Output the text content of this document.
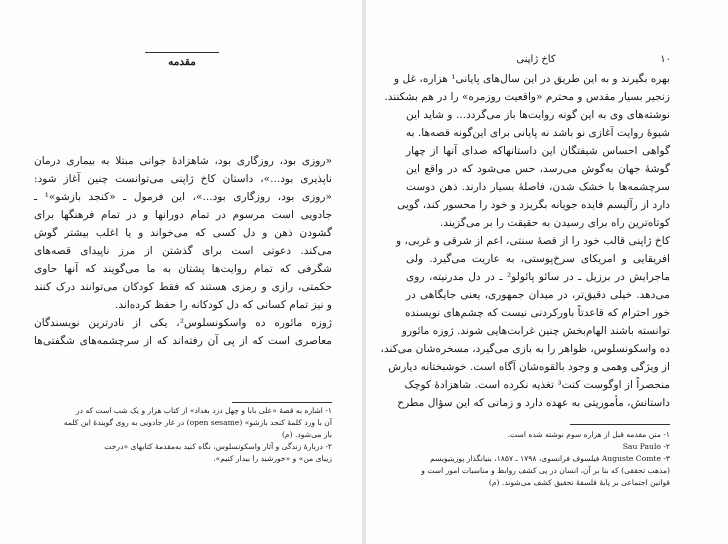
مقدمه
«روزی بود، روزگاری بود، شاهزادهٔ جوانی مبتلا به بیماری درمان
ناپذیری بود...»، داستان کاخ ژاپنی می‌توانست چنین آغاز شود:
«روزی بود، روزگاری بود...»، این فرمول ـ «کنجد بازشو»¹ ـ
جادویی است مرسوم در تمام دورانها و در تمام فرهنگها برای
گشودن ذهن و دل کسی که می‌خواند و یا اغلب بیشتر گوش
می‌کند. دعوتی است برای گذشتن از مرز ناپیدای قصه‌های
شگرفی که تمام روایت‌ها پشتان به ما می‌گویند که آنها حاوی
حکمتی، رازی و رمزی هستند که فقط کودکان می‌توانند درک کنند
و نیز تمام کسانی که دل کودکانه را حفظ کرده‌اند.
ژوزه مائوره ده واسکونسلوس²، یکی از نادرترین نویسندگان
معاصری است که از پی آن رفته‌اند که از سرچشمه‌های شگفتی‌ها
۱- اشاره به قصهٔ «علی بابا و چهل دزد بغداد» از کتاب هزار و یک شب است که در
آن با ورد کلمهٔ کنجد بازشو» (open sesame) در غار جادویی به روی گویندهٔ این کلمه
باز می‌شود. (م)
۲- دربارهٔ زندگی و آثار واسکونسلوس، نگاه کنید به‌مقدمهٔ کتابهای «درخت
زیبای من» و «خورشید را بیدار کنیم».
۱۰
کاخ ژاپنی
بهره بگیرند و به این طریق در این سال‌های پایانی¹ هزاره، غل و
زنجیر بسیار مقدس و محترم «واقعیت روزمره» را در هم بشکنند.
نوشته‌های وی به این گونه روایت‌ها باز می‌گردد... و شاید این
شیوهٔ روایت آغازی نو باشد نه پایانی برای این‌گونه قصه‌ها. به
گواهی احساس شیفتگان این داستانهاکه صدای آنها از چهار
گوشهٔ جهان به‌گوش می‌رسد، حس می‌شود که در واقع این
سرچشمه‌ها با خشک شدن، فاصلهٔ بسیار دارند. ذهن دوست
دارد از رآلیسم فایده جویانه بگریزد و خود را محسور کند، گویی
کوتاه‌ترین راه برای رسیدن به حقیقت را بر می‌گزیند.
کاخ ژاپنی قالب خود را از قصهٔ سنتی، اعم از شرقی و غربی، و
افریقایی و امریکای سرخ‌پوستی، به عاریت می‌گیرد. ولی
ماجرایش در برزیل ـ در سائو پائولو² ـ در دل مدرنیته، روی
می‌دهد. خیلی دقیق‌تر، در میدان جمهوری، یعنی جایگاهی در
خور احترام که قاعدتاً باورکردنی نیست که چشم‌های نویسنده
توانسته باشند الهام‌بخش چنین غرابت‌هایی شوند. ژوزه مائورو
ده واسکونسلوس، ظواهر را به بازی می‌گیرد، مسخره‌شان می‌کند،
از ویژگی وهمی و وجود بالقوه‌شان آگاه است. خوشبختانه دیارش
منحصراً از اوگوست کنت³ تغذیه نکرده است. شاهزادهٔ کوچک
داستانش، مأموریتی به عهده دارد و زمانی که این سؤال مطرح
۱- متن مقدمه قبل از هزاره سوم نوشته شده است.
Sau Paulo -۲
Auguste Comte -۳ فیلسوف فرانسوی، ۱۷۹۸ ـ ۱۸۵۷، بنیانگذار پوزیتیویسم
(مذهب تحققی) که بنا بر آن، انسان در پی کشف روابط و مناسبات امور است و
قوانین اجتماعی بر پایهٔ فلسفهٔ تحقیق کشف می‌شوند. (م)
